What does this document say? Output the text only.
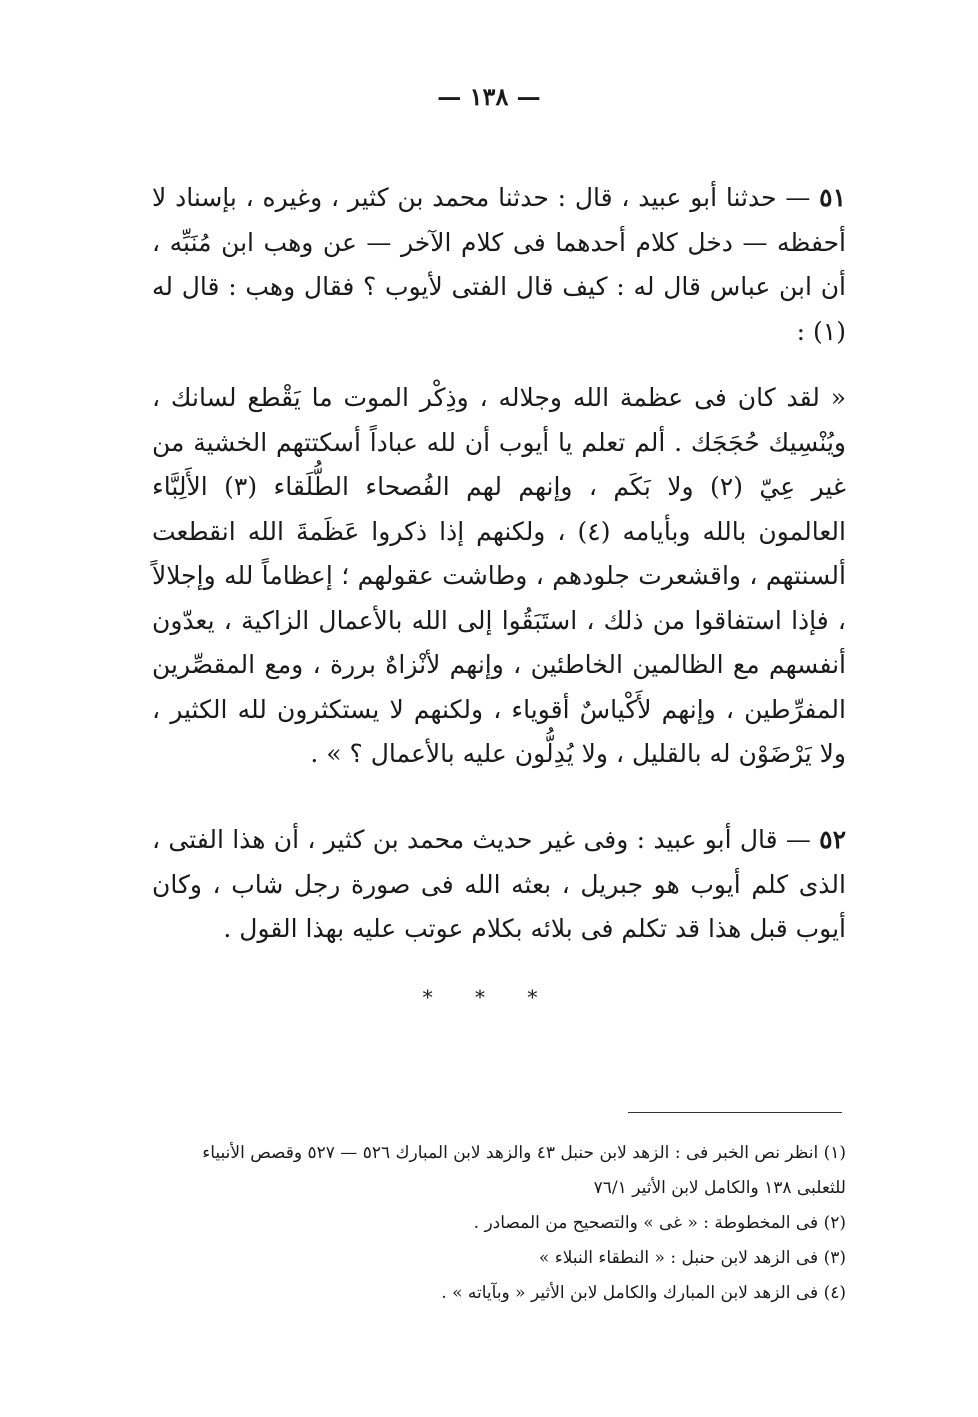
— ١٣٨ —

٥١ — حدثنا أبو عبيد ، قال : حدثنا محمد بن كثير ، وغيره ، بإسناد لا أحفظه — دخل كلام أحدهما فى كلام الآخر — عن وهب ابن مُنَبِّه ، أن ابن عباس قال له : كيف قال الفتى لأيوب ؟ فقال وهب : قال له (١) :

« لقد كان فى عظمة الله وجلاله ، وذِكْر الموت ما يَقْطع لسانك ، ويُنْسِيك حُجَجَك . ألم تعلم يا أيوب أن لله عباداً أسكتتهم الخشية من غير عِيّ (٢) ولا بَكَم ، وإنهم لهم الفُصحاء الطُّلَقاء (٣) الأَلِبَّاء العالمون بالله وبأيامه (٤) ، ولكنهم إذا ذكروا عَظَمةَ الله انقطعت ألسنتهم ، واقشعرت جلودهم ، وطاشت عقولهم ؛ إعظاماً لله وإجلالاً ، فإذا استفاقوا من ذلك ، استَبَقُوا إلى الله بالأعمال الزاكية ، يعدّون أنفسهم مع الظالمين الخاطئين ، وإنهم لأنْزاهٌ بررة ، ومع المقصِّرين المفرِّطين ، وإنهم لأَكْياسٌ أقوياء ، ولكنهم لا يستكثرون لله الكثير ، ولا يَرْضَوْن له بالقليل ، ولا يُدِلُّون عليه بالأعمال ؟ » .

٥٢ — قال أبو عبيد : وفى غير حديث محمد بن كثير ، أن هذا الفتى ، الذى كلم أيوب هو جبريل ، بعثه الله فى صورة رجل شاب ، وكان أيوب قبل هذا قد تكلم فى بلائه بكلام عوتب عليه بهذا القول .

* * *

(١) انظر نص الخبر فى : الزهد لابن حنبل ٤٣ والزهد لابن المبارك ٥٢٦ — ٥٢٧ وقصص الأنبياء للثعلبى ١٣٨ والكامل لابن الأثير ٧٦/١

(٢) فى المخطوطة : « غى » والتصحيح من المصادر .

(٣) فى الزهد لابن حنبل : « النطقاء النبلاء »

(٤) فى الزهد لابن المبارك والكامل لابن الأثير « وبآياته » .
